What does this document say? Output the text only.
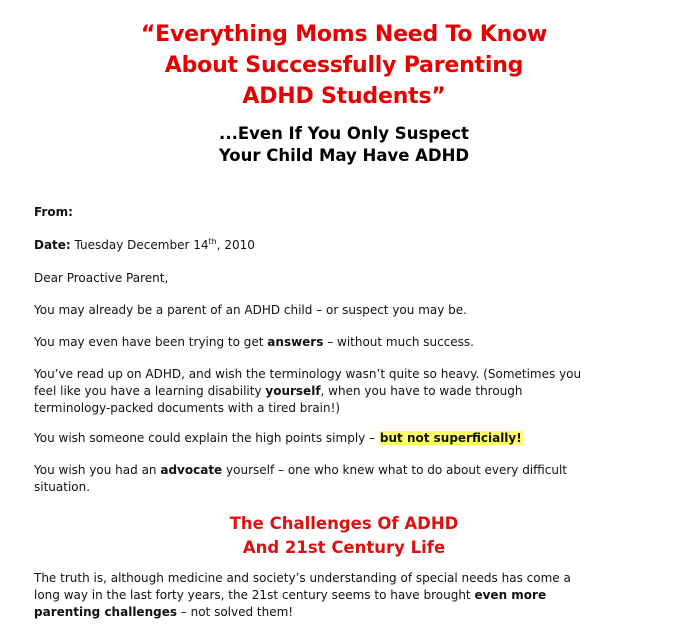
“Everything Moms Need To Know
About Successfully Parenting
ADHD Students”
...Even If You Only Suspect
Your Child May Have ADHD

From:

Date: Tuesday December 14th, 2010

Dear Proactive Parent,

You may already be a parent of an ADHD child – or suspect you may be.

You may even have been trying to get answers – without much success.

You’ve read up on ADHD, and wish the terminology wasn’t quite so heavy. (Sometimes you
feel like you have a learning disability yourself, when you have to wade through
terminology-packed documents with a tired brain!)

You wish someone could explain the high points simply – but not superficially!

You wish you had an advocate yourself – one who knew what to do about every difficult
situation.

The Challenges Of ADHD
And 21st Century Life

The truth is, although medicine and society’s understanding of special needs has come a
long way in the last forty years, the 21st century seems to have brought even more
parenting challenges – not solved them!
